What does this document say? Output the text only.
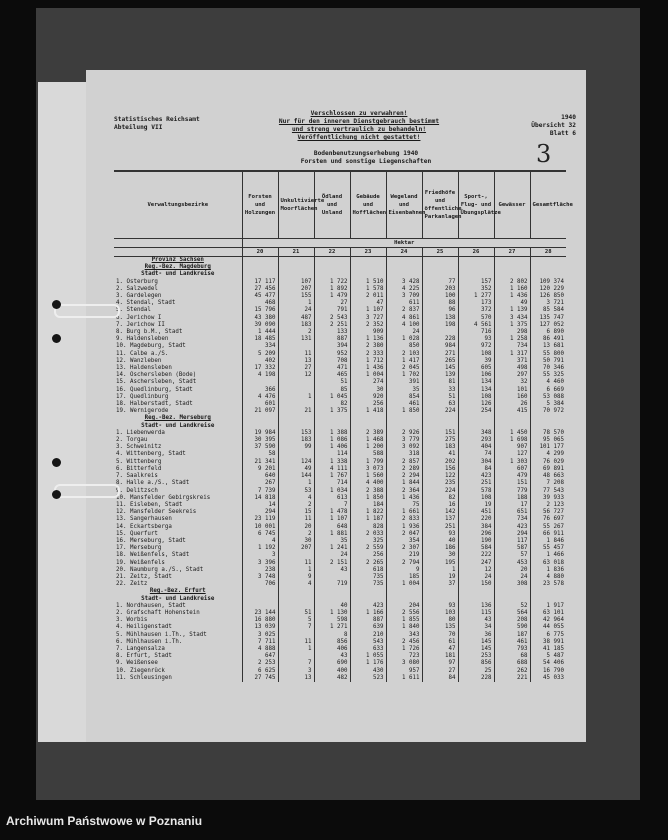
Statistisches Reichsamt
Abteilung VII
Verschlossen zu verwahren!
Nur für den inneren Dienstgebrauch bestimmt
und streng vertraulich zu behandeln!
Veröffentlichung nicht gestattet!
1940
Übersicht 32
Blatt 6
3
Bodenbenutzungserhebung 1940
Forsten und sonstige Liegenschaften
Verwaltungsbezirke	Forsten und Holzungen	Unkultivierte Moorflächen	Ödland und Unland	Gebäude und Hofflächen	Wegeland und Eisenbahnen	Friedhöfe und öffentliche Parkanlagen	Sport-, Flug- und Übungsplätze	Gewässer	Gesamtfläche
	Hektar								
	20	21	22	23	24	25	26	27	28
Provinz Sachsen									
Reg.-Bez. Magdeburg									
Stadt- und Landkreise									
1. Osterburg	17 117	107	1 722	1 510	3 428	77	157	2 802	109 374
2. Salzwedel	27 456	207	1 892	1 578	4 225	203	352	1 160	120 229
3. Gardelegen	45 477	155	1 479	2 011	3 709	100	1 277	1 436	126 850
4. Stendal, Stadt	468	1	27	47	611	88	173	49	3 721
5. Stendal	15 796	24	791	1 107	2 837	96	372	1 139	85 584
6. Jerichow I	43 380	487	2 543	3 727	4 861	138	570	3 434	135 747
7. Jerichow II	39 090	183	2 251	2 352	4 100	198	4 561	1 375	127 052
8. Burg b.M., Stadt	1 444	2	133	909	24		716	298	6 890
9. Haldensleben	18 485	131	887	1 136	1 028	228	93	1 258	86 491
10. Magdeburg, Stadt	334		394	2 380	850	984	972	734	13 681
11. Calbe a./S.	5 209	11	952	2 333	2 103	271	108	1 317	55 800
12. Wanzleben	402	13	708	1 712	1 417	265	39	371	50 791
13. Haldensleben	17 332	27	471	1 436	2 045	145	605	498	70 346
14. Oschersleben (Bode)	4 198	12	465	1 004	1 702	139	106	297	55 325
15. Aschersleben, Stadt			51	274	391	81	134	32	4 460
16. Quedlinburg, Stadt	366		85	30	35	33	134	101	6 669
17. Quedlinburg	4 476	1	1 045	920	854	51	108	160	53 088
18. Halberstadt, Stadt	601		82	256	461	63	126	26	5 384
19. Wernigerode	21 097	21	1 375	1 418	1 850	224	254	415	70 972
Reg.-Bez. Merseburg									
Stadt- und Landkreise									
1. Liebenwerda	19 984	153	1 388	2 389	2 926	151	348	1 450	78 570
2. Torgau	30 395	183	1 086	1 468	3 779	275	293	1 698	95 065
3. Schweinitz	37 590	99	1 406	1 200	3 092	183	404	907	101 177
4. Wittenberg, Stadt	58		114	588	318	41	74	127	4 299
5. Wittenberg	21 341	124	1 338	1 799	2 857	202	304	1 303	76 029
6. Bitterfeld	9 201	49	4 111	3 073	2 289	156	84	607	69 891
7. Saalkreis	640	144	1 767	1 560	2 294	122	423	479	48 663
8. Halle a./S., Stadt	267	1	714	4 400	1 844	235	251	151	7 208
9. Delitzsch	7 739	53	1 034	2 388	2 364	224	578	779	77 543
10. Mansfelder Gebirgskreis	14 818	4	613	1 850	1 436	82	108	188	39 933
11. Eisleben, Stadt	14	2	7	184	75	16	19	17	2 123
12. Mansfelder Seekreis	294	15	1 478	1 822	1 661	142	451	651	56 727
13. Sangerhausen	23 119	11	1 107	1 187	2 833	137	220	734	76 697
14. Eckartsberga	10 001	20	648	828	1 936	251	384	423	55 267
15. Querfurt	6 745	2	1 881	2 033	2 047	93	296	294	66 911
16. Merseburg, Stadt	4	30	35	325	354	40	190	117	1 846
17. Merseburg	1 192	207	1 241	2 559	2 307	186	584	587	55 457
18. Weißenfels, Stadt	3		24	256	219	30	222	57	1 466
19. Weißenfels	3 396	11	2 151	2 265	2 794	195	247	453	63 018
20. Naumburg a./S., Stadt	238	1	43	618	9	1	12	20	1 836
21. Zeitz, Stadt	3 748	9		735	185	19	24	24	4 880
22. Zeitz	706	4	719	735	1 004	37	150	308	23 578
Reg.-Bez. Erfurt									
Stadt- und Landkreise									
1. Nordhausen, Stadt			40	423	204	93	136	52	1 917
2. Grafschaft Hohenstein	23 144	51	1 130	1 166	2 556	103	115	564	63 101
3. Worbis	16 880	5	598	887	1 855	80	43	208	42 964
4. Heiligenstadt	13 039	7	1 271	639	1 840	135	34	590	44 055
5. Mühlhausen i.Th., Stadt	3 025		8	210	343	70	36	187	6 775
6. Mühlhausen i.Th.	7 711	11	856	543	2 456	61	145	461	38 991
7. Langensalza	4 888	1	406	633	1 726	47	145	793	41 185
8. Erfurt, Stadt	647		43	1 055	723	181	253	68	5 487
9. Weißensee	2 253	7	690	1 176	3 080	97	856	688	54 406
10. Ziegenrück	6 625	3	400	430	957	27	25	262	16 790
11. Schleusingen	27 745	13	482	523	1 611	84	228	221	45 033
Archiwum Państwowe w Poznaniu
